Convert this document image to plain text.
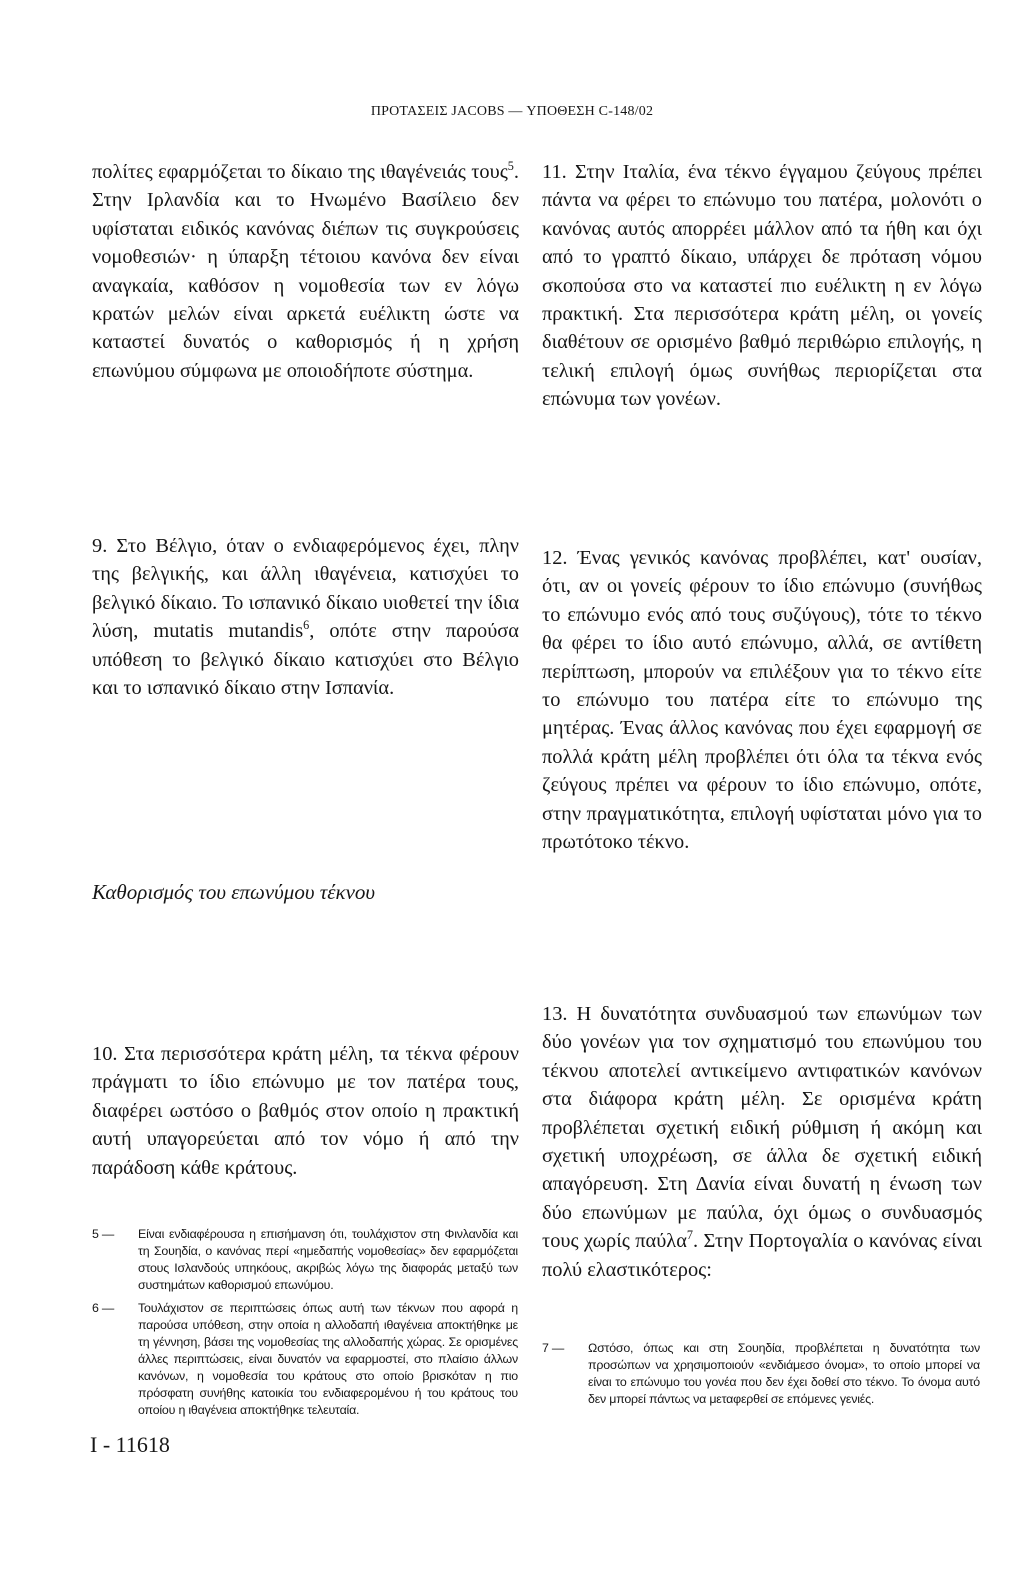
ΠΡΟΤΑΣΕΙΣ JACOBS — ΥΠΟΘΕΣΗ C-148/02
πολίτες εφαρμόζεται το δίκαιο της ιθαγένειάς τους$^5$. Στην Ιρλανδία και το Ηνωμένο Βασίλειο δεν υφίσταται ειδικός κανόνας διέπων τις συγκρούσεις νομοθεσιών· η ύπαρξη τέτοιου κανόνα δεν είναι αναγκαία, καθόσον η νομοθεσία των εν λόγω κρατών μελών είναι αρκετά ευέλικτη ώστε να καταστεί δυνατός ο καθορισμός ή η χρήση επωνύμου σύμφωνα με οποιοδήποτε σύστημα.
9. Στο Βέλγιο, όταν ο ενδιαφερόμενος έχει, πλην της βελγικής, και άλλη ιθαγένεια, κατισχύει το βελγικό δίκαιο. Το ισπανικό δίκαιο υιοθετεί την ίδια λύση, mutatis mutandis$^6$, οπότε στην παρούσα υπόθεση το βελγικό δίκαιο κατισχύει στο Βέλγιο και το ισπανικό δίκαιο στην Ισπανία.
Καθορισμός του επωνύμου τέκνου
10. Στα περισσότερα κράτη μέλη, τα τέκνα φέρουν πράγματι το ίδιο επώνυμο με τον πατέρα τους, διαφέρει ωστόσο ο βαθμός στον οποίο η πρακτική αυτή υπαγορεύεται από τον νόμο ή από την παράδοση κάθε κράτους.
11. Στην Ιταλία, ένα τέκνο έγγαμου ζεύγους πρέπει πάντα να φέρει το επώνυμο του πατέρα, μολονότι ο κανόνας αυτός απορρέει μάλλον από τα ήθη και όχι από το γραπτό δίκαιο, υπάρχει δε πρόταση νόμου σκοπούσα στο να καταστεί πιο ευέλικτη η εν λόγω πρακτική. Στα περισσότερα κράτη μέλη, οι γονείς διαθέτουν σε ορισμένο βαθμό περιθώριο επιλογής, η τελική επιλογή όμως συνήθως περιορίζεται στα επώνυμα των γονέων.
12. Ένας γενικός κανόνας προβλέπει, κατ' ουσίαν, ότι, αν οι γονείς φέρουν το ίδιο επώνυμο (συνήθως το επώνυμο ενός από τους συζύγους), τότε το τέκνο θα φέρει το ίδιο αυτό επώνυμο, αλλά, σε αντίθετη περίπτωση, μπορούν να επιλέξουν για το τέκνο είτε το επώνυμο του πατέρα είτε το επώνυμο της μητέρας. Ένας άλλος κανόνας που έχει εφαρμογή σε πολλά κράτη μέλη προβλέπει ότι όλα τα τέκνα ενός ζεύγους πρέπει να φέρουν το ίδιο επώνυμο, οπότε, στην πραγματικότητα, επιλογή υφίσταται μόνο για το πρωτότοκο τέκνο.
13. Η δυνατότητα συνδυασμού των επωνύμων των δύο γονέων για τον σχηματισμό του επωνύμου του τέκνου αποτελεί αντικείμενο αντιφατικών κανόνων στα διάφορα κράτη μέλη. Σε ορισμένα κράτη προβλέπεται σχετική ειδική ρύθμιση ή ακόμη και σχετική υποχρέωση, σε άλλα δε σχετική ειδική απαγόρευση. Στη Δανία είναι δυνατή η ένωση των δύο επωνύμων με παύλα, όχι όμως ο συνδυασμός τους χωρίς παύλα$^7$. Στην Πορτογαλία ο κανόνας είναι πολύ ελαστικότερος:
5 —	Είναι ενδιαφέρουσα η επισήμανση ότι, τουλάχιστον στη Φινλανδία και τη Σουηδία, ο κανόνας περί «ημεδαπής νομοθεσίας» δεν εφαρμόζεται στους Ισλανδούς υπηκόους, ακριβώς λόγω της διαφοράς μεταξύ των συστημάτων καθορισμού επωνύμου.
6 —	Τουλάχιστον σε περιπτώσεις όπως αυτή των τέκνων που αφορά η παρούσα υπόθεση, στην οποία η αλλοδαπή ιθαγένεια αποκτήθηκε με τη γέννηση, βάσει της νομοθεσίας της αλλοδαπής χώρας. Σε ορισμένες άλλες περιπτώσεις, είναι δυνατόν να εφαρμοστεί, στο πλαίσιο άλλων κανόνων, η νομοθεσία του κράτους στο οποίο βρισκόταν η πιο πρόσφατη συνήθης κατοικία του ενδιαφερομένου ή του κράτους του οποίου η ιθαγένεια αποκτήθηκε τελευταία.
7 —	Ωστόσο, όπως και στη Σουηδία, προβλέπεται η δυνατότητα των προσώπων να χρησιμοποιούν «ενδιάμεσο όνομα», το οποίο μπορεί να είναι το επώνυμο του γονέα που δεν έχει δοθεί στο τέκνο. Το όνομα αυτό δεν μπορεί πάντως να μεταφερθεί σε επόμενες γενιές.
I - 11618
